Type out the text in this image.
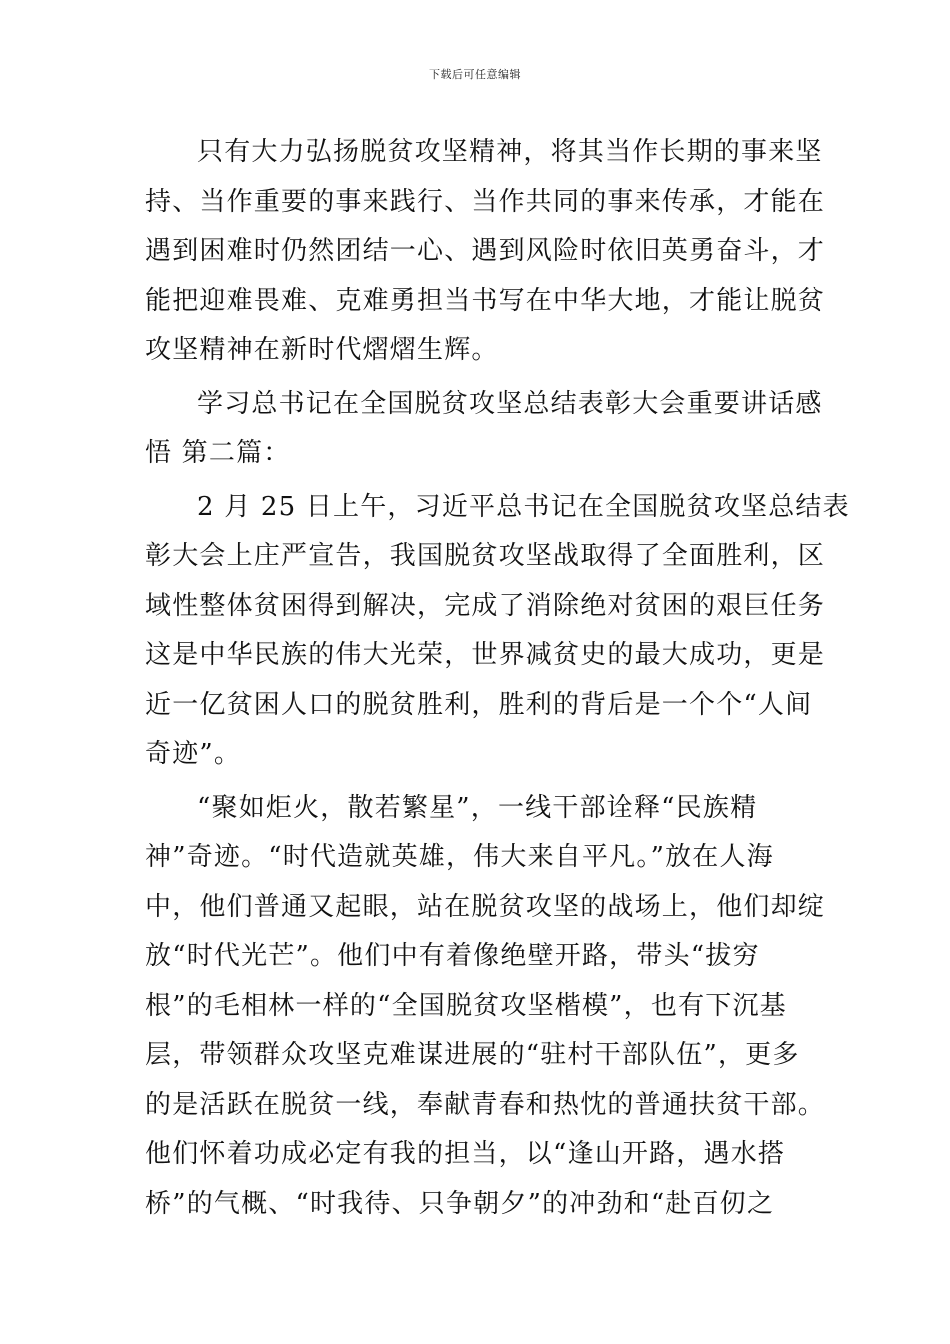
下载后可任意编辑

只有大力弘扬脱贫攻坚精神，将其当作长期的事来坚
持、当作重要的事来践行、当作共同的事来传承，才能在
遇到困难时仍然团结一心、遇到风险时依旧英勇奋斗，才
能把迎难畏难、克难勇担当书写在中华大地，才能让脱贫
攻坚精神在新时代熠熠生辉。

学习总书记在全国脱贫攻坚总结表彰大会重要讲话感
悟 第二篇：

2 月 25 日上午，习近平总书记在全国脱贫攻坚总结表
彰大会上庄严宣告，我国脱贫攻坚战取得了全面胜利，区
域性整体贫困得到解决，完成了消除绝对贫困的艰巨任务
这是中华民族的伟大光荣，世界减贫史的最大成功，更是
近一亿贫困人口的脱贫胜利，胜利的背后是一个个“人间
奇迹”。

“聚如炬火，散若繁星”，一线干部诠释“民族精
神”奇迹。“时代造就英雄，伟大来自平凡。”放在人海
中，他们普通又起眼，站在脱贫攻坚的战场上，他们却绽
放“时代光芒”。他们中有着像绝壁开路，带头“拔穷
根”的毛相林一样的“全国脱贫攻坚楷模”，也有下沉基
层，带领群众攻坚克难谋进展的“驻村干部队伍”，更多
的是活跃在脱贫一线，奉献青春和热忱的普通扶贫干部。
他们怀着功成必定有我的担当，以“逢山开路，遇水搭
桥”的气概、“时我待、只争朝夕”的冲劲和“赴百仞之
